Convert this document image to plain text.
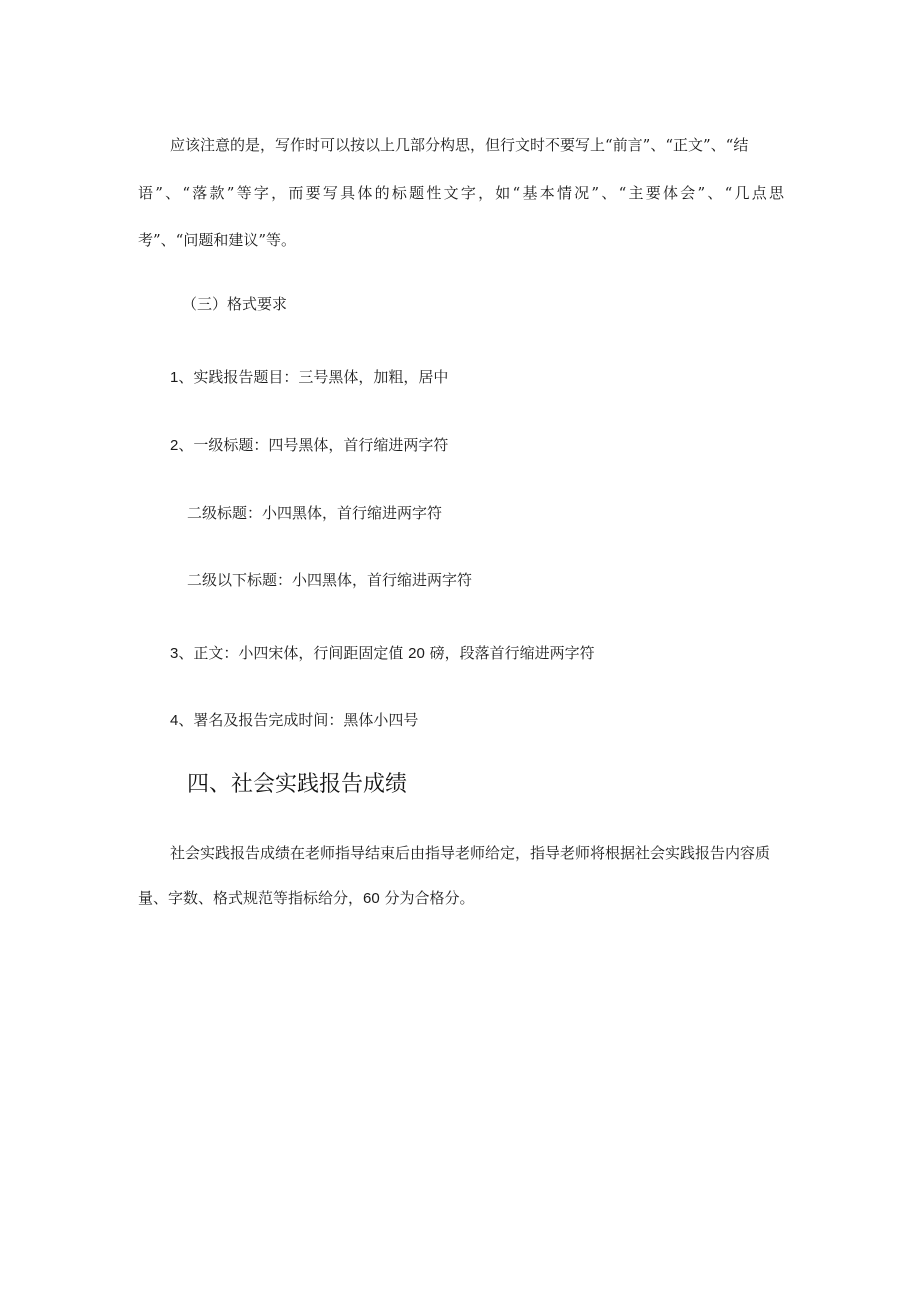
应该注意的是，写作时可以按以上几部分构思，但行文时不要写上“前言”、“正文”、“结
语”、“落款”等字，而要写具体的标题性文字，如“基本情况”、“主要体会”、“几点思
考”、“问题和建议”等。
（三）格式要求
1、实践报告题目：三号黑体，加粗，居中
2、一级标题：四号黑体，首行缩进两字符
二级标题：小四黑体，首行缩进两字符
二级以下标题：小四黑体，首行缩进两字符
3、正文：小四宋体，行间距固定值 20 磅，段落首行缩进两字符
4、署名及报告完成时间：黑体小四号
四、社会实践报告成绩
社会实践报告成绩在老师指导结束后由指导老师给定，指导老师将根据社会实践报告内容质
量、字数、格式规范等指标给分，60 分为合格分。
